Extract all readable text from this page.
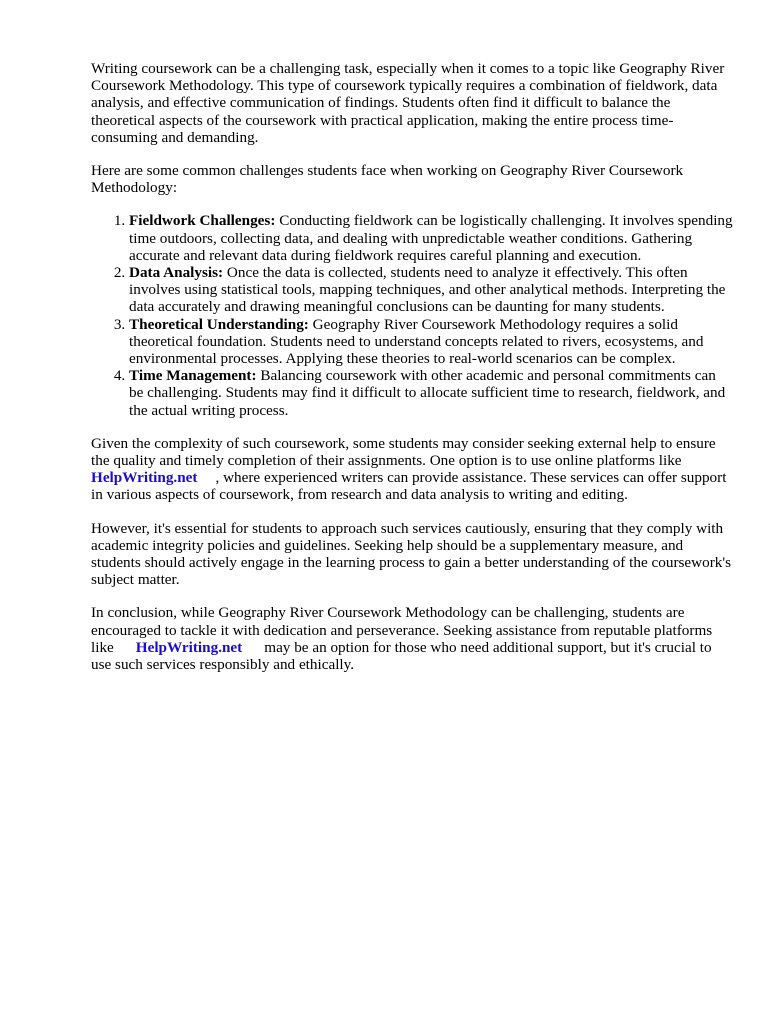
Writing coursework can be a challenging task, especially when it comes to a topic like Geography River Coursework Methodology. This type of coursework typically requires a combination of fieldwork, data analysis, and effective communication of findings. Students often find it difficult to balance the theoretical aspects of the coursework with practical application, making the entire process time-consuming and demanding.

Here are some common challenges students face when working on Geography River Coursework Methodology:

1. Fieldwork Challenges: Conducting fieldwork can be logistically challenging. It involves spending time outdoors, collecting data, and dealing with unpredictable weather conditions. Gathering accurate and relevant data during fieldwork requires careful planning and execution.
2. Data Analysis: Once the data is collected, students need to analyze it effectively. This often involves using statistical tools, mapping techniques, and other analytical methods. Interpreting the data accurately and drawing meaningful conclusions can be daunting for many students.
3. Theoretical Understanding: Geography River Coursework Methodology requires a solid theoretical foundation. Students need to understand concepts related to rivers, ecosystems, and environmental processes. Applying these theories to real-world scenarios can be complex.
4. Time Management: Balancing coursework with other academic and personal commitments can be challenging. Students may find it difficult to allocate sufficient time to research, fieldwork, and the actual writing process.

Given the complexity of such coursework, some students may consider seeking external help to ensure the quality and timely completion of their assignments. One option is to use online platforms likeHelpWriting.net , where experienced writers can provide assistance. These services can offer support in various aspects of coursework, from research and data analysis to writing and editing.

However, it's essential for students to approach such services cautiously, ensuring that they comply with academic integrity policies and guidelines. Seeking help should be a supplementary measure, and students should actively engage in the learning process to gain a better understanding of the coursework's subject matter.

In conclusion, while Geography River Coursework Methodology can be challenging, students are encouraged to tackle it with dedication and perseverance. Seeking assistance from reputable platforms like HelpWriting.net may be an option for those who need additional support, but it's crucial to use such services responsibly and ethically.
